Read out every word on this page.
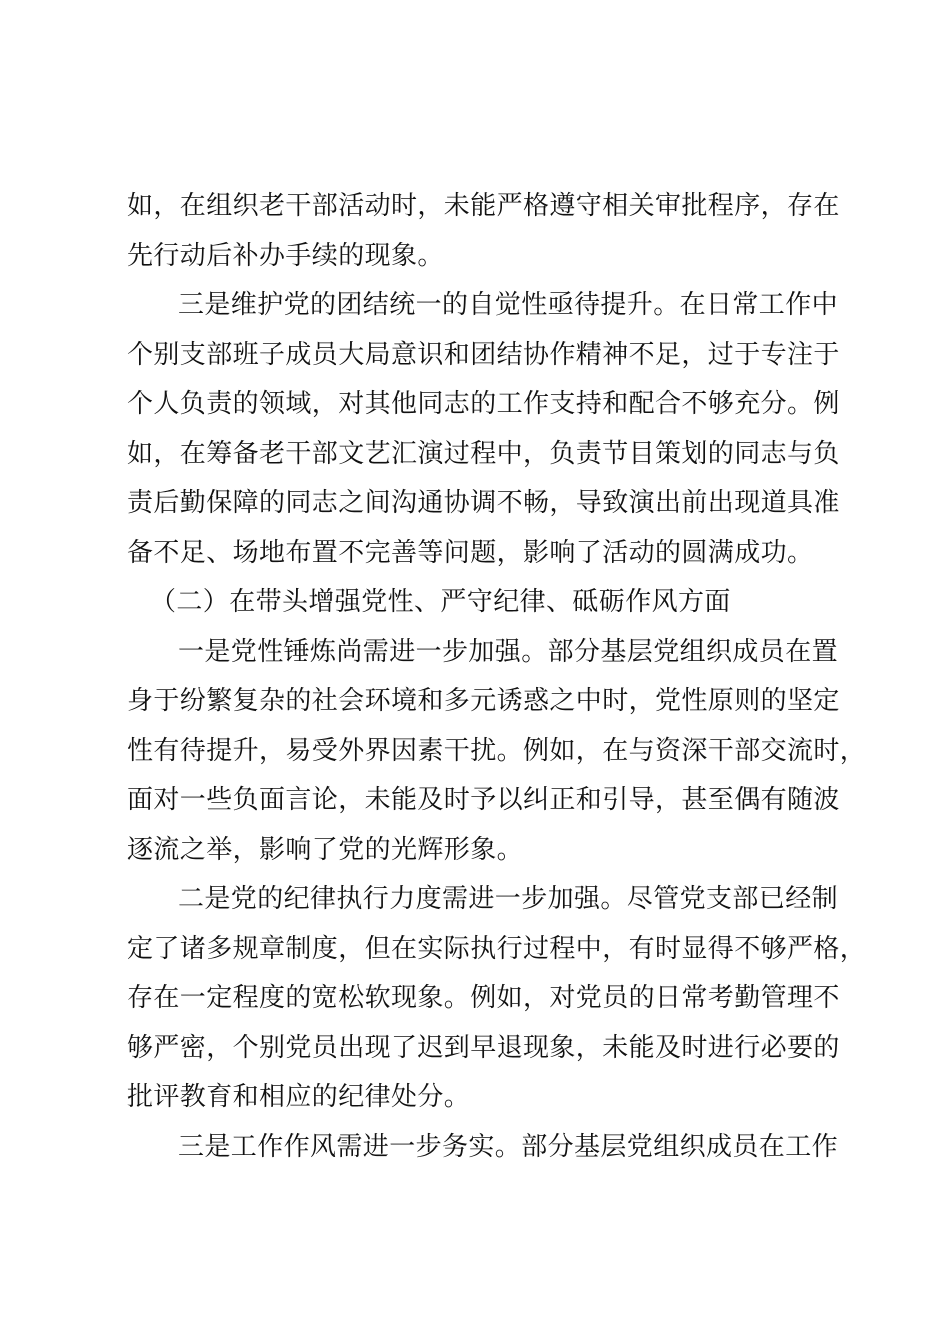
如，在组织老干部活动时，未能严格遵守相关审批程序，存在
先行动后补办手续的现象。
三是维护党的团结统一的自觉性亟待提升。在日常工作中
个别支部班子成员大局意识和团结协作精神不足，过于专注于
个人负责的领域，对其他同志的工作支持和配合不够充分。例
如，在筹备老干部文艺汇演过程中，负责节目策划的同志与负
责后勤保障的同志之间沟通协调不畅，导致演出前出现道具准
备不足、场地布置不完善等问题，影响了活动的圆满成功。
（二）在带头增强党性、严守纪律、砥砺作风方面
一是党性锤炼尚需进一步加强。部分基层党组织成员在置
身于纷繁复杂的社会环境和多元诱惑之中时，党性原则的坚定
性有待提升，易受外界因素干扰。例如，在与资深干部交流时，
面对一些负面言论，未能及时予以纠正和引导，甚至偶有随波
逐流之举，影响了党的光辉形象。
二是党的纪律执行力度需进一步加强。尽管党支部已经制
定了诸多规章制度，但在实际执行过程中，有时显得不够严格，
存在一定程度的宽松软现象。例如，对党员的日常考勤管理不
够严密，个别党员出现了迟到早退现象，未能及时进行必要的
批评教育和相应的纪律处分。
三是工作作风需进一步务实。部分基层党组织成员在工作
